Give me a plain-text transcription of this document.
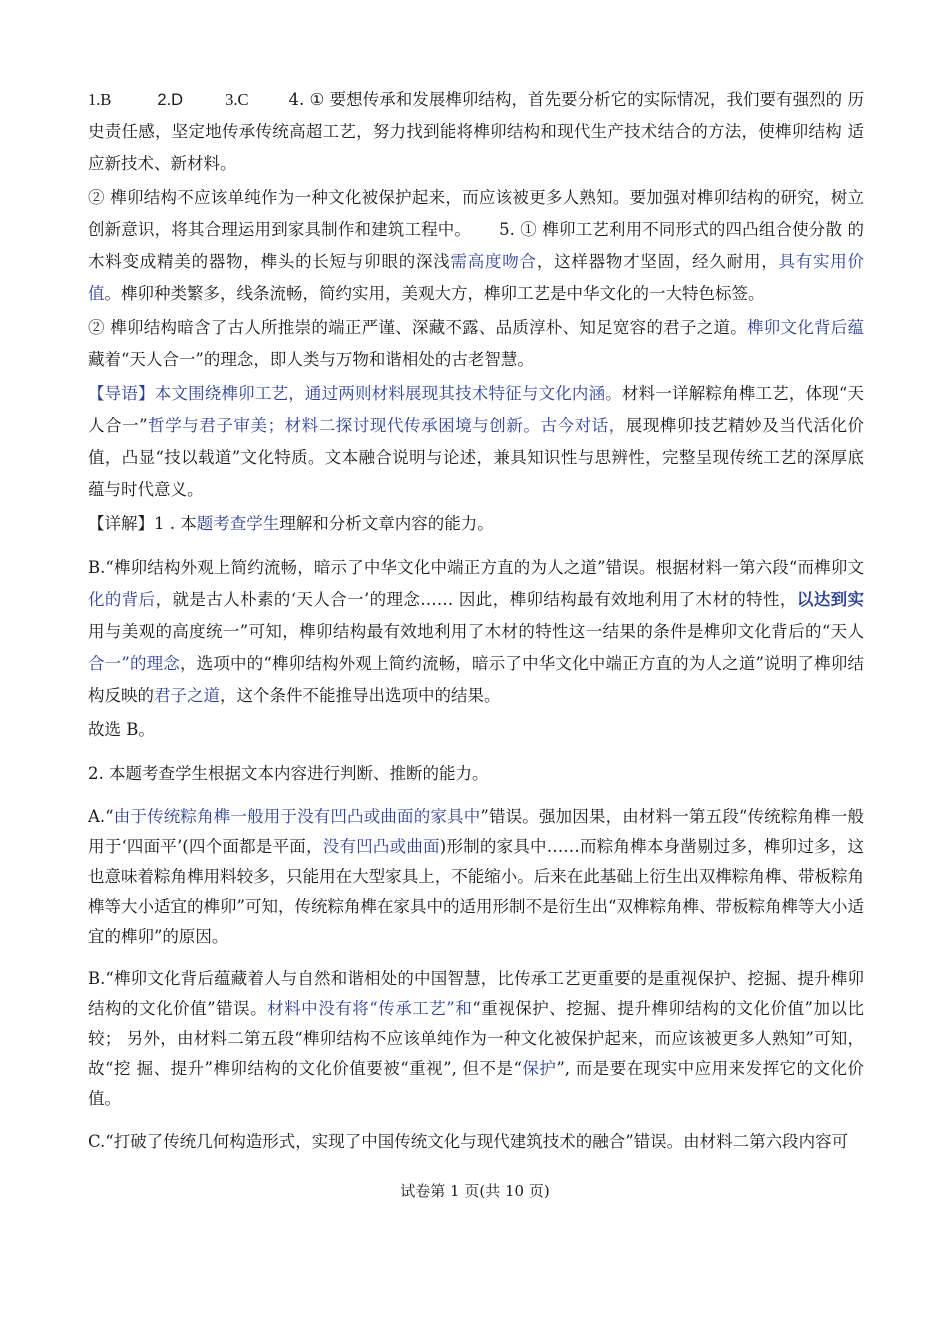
1.B	2.D	3.C 4. ① 要想传承和发展榫卯结构，首先要分析它的实际情况，我们要有强烈的 历史责任感，坚定地传承传统高超工艺，努力找到能将榫卯结构和现代生产技术结合的方法，使榫卯结构 适应新技术、新材料。

② 榫卯结构不应该单纯作为一种文化被保护起来，而应该被更多人熟知。要加强对榫卯结构的研究，树立 创新意识，将其合理运用到家具制作和建筑工程中。 5. ① 榫卯工艺利用不同形式的四凸组合使分散 的木料变成精美的器物，榫头的长短与卯眼的深浅需高度吻合，这样器物才坚固，经久耐用，具有实用价 值。榫卯种类繁多，线条流畅，简约实用，美观大方，榫卯工艺是中华文化的一大特色标签。

② 榫卯结构暗含了古人所推崇的端正严谨、深藏不露、品质淳朴、知足宽容的君子之道。榫卯文化背后蕴 藏着“天人合一”的理念，即人类与万物和谐相处的古老智慧。

【导语】本文围绕榫卯工艺，通过两则材料展现其技术特征与文化内涵。材料一详解粽角榫工艺，体现“天 人合一”哲学与君子审美；材料二探讨现代传承困境与创新。古今对话，展现榫卯技艺精妙及当代活化价 值，凸显“技以载道”文化特质。文本融合说明与论述，兼具知识性与思辨性，完整呈现传统工艺的深厚底 蕴与时代意义。

【详解】1 . 本题考查学生理解和分析文章内容的能力。

B.“榫卯结构外观上简约流畅，暗示了中华文化中端正方直的为人之道”错误。根据材料一第六段“而榫卯文 化的背后，就是古人朴素的‘天人合一’的理念…… 因此，榫卯结构最有效地利用了木材的特性，以达到实 用与美观的高度统一”可知，榫卯结构最有效地利用了木材的特性这一结果的条件是榫卯文化背后的“天人 合一”的理念，选项中的“榫卯结构外观上简约流畅，暗示了中华文化中端正方直的为人之道”说明了榫卯结 构反映的君子之道，这个条件不能推导出选项中的结果。

故选 B。

2. 本题考查学生根据文本内容进行判断、推断的能力。

A.“由于传统粽角榫一般用于没有凹凸或曲面的家具中”错误。强加因果，由材料一第五段“传统粽角榫一般用于‘四面平’(四个面都是平面，没有凹凸或曲面)形制的家具中……而粽角榫本身凿剔过多，榫卯过多，这也意味着粽角榫用料较多，只能用在大型家具上，不能缩小。后来在此基础上衍生出双榫粽角榫、带板粽角榫等大小适宜的榫卯”可知，传统粽角榫在家具中的适用形制不是衍生出“双榫粽角榫、带板粽角榫等大小适宜的榫卯”的原因。

B.“榫卯文化背后蕴藏着人与自然和谐相处的中国智慧，比传承工艺更重要的是重视保护、挖掘、提升榫卯结构的文化价值”错误。材料中没有将“传承工艺”和“重视保护、挖掘、提升榫卯结构的文化价值”加以比较； 另外，由材料二第五段“榫卯结构不应该单纯作为一种文化被保护起来，而应该被更多人熟知”可知，故“挖 掘、提升”榫卯结构的文化价值要被“重视”, 但不是“保护”, 而是要在现实中应用来发挥它的文化价值。

C.“打破了传统几何构造形式，实现了中国传统文化与现代建筑技术的融合”错误。由材料二第六段内容可

试卷第 1 页(共 10 页)
